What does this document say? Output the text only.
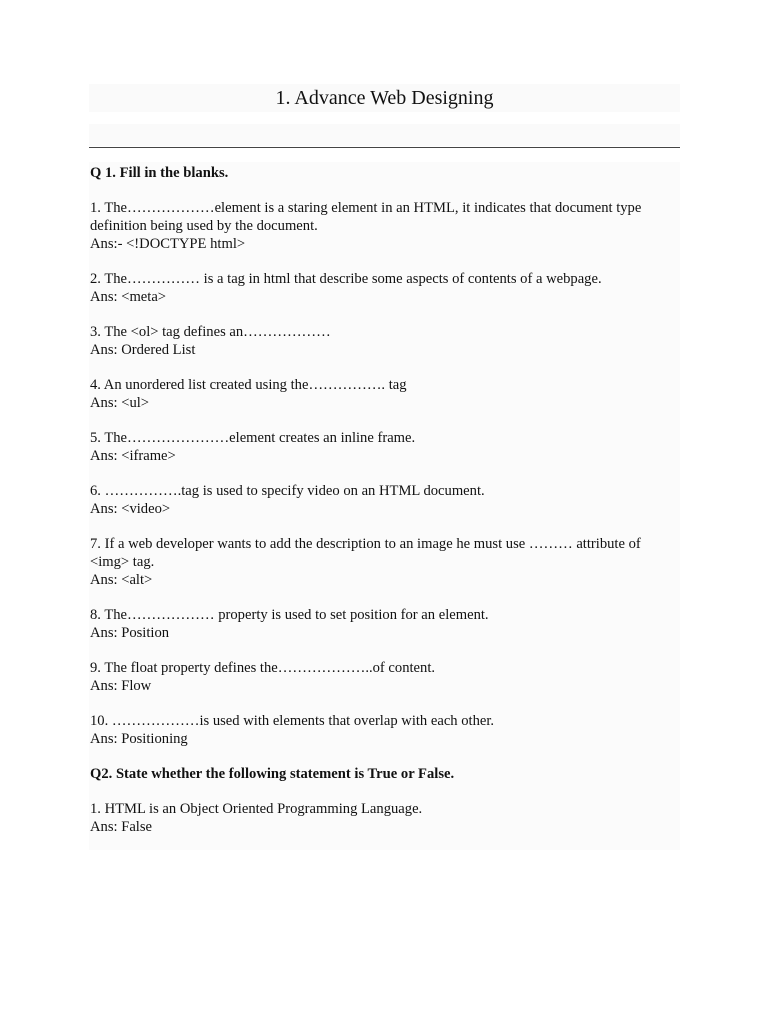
1. Advance Web Designing
Q 1. Fill in the blanks.
1. The………………element is a staring element in an HTML, it indicates that document type definition being used by the document.
Ans:- <!DOCTYPE html>
2. The…………… is a tag in html that describe some aspects of contents of a webpage.
Ans: <meta>
3. The <ol> tag defines an………………
Ans: Ordered List
4. An unordered list created using the……………. tag
Ans: <ul>
5. The…………………element creates an inline frame.
Ans: <iframe>
6. …………….tag is used to specify video on an HTML document.
Ans: <video>
7. If a web developer wants to add the description to an image he must use ……… attribute of <img> tag.
Ans: <alt>
8. The……………… property is used to set position for an element.
Ans: Position
9. The float property defines the………………..of content.
Ans: Flow
10. ………………is used with elements that overlap with each other.
Ans: Positioning
Q2. State whether the following statement is True or False.
1. HTML is an Object Oriented Programming Language.
Ans: False
